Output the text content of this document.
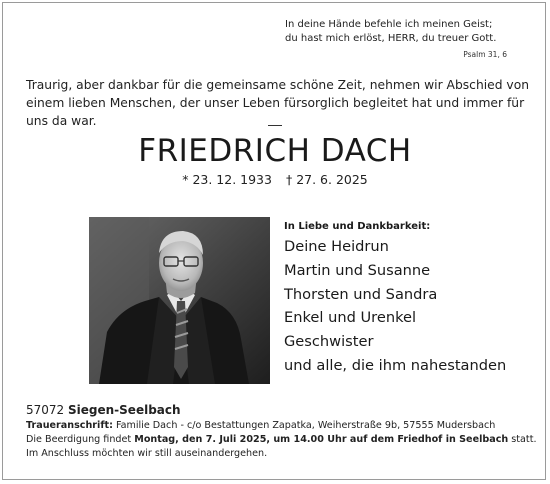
In deine Hände befehle ich meinen Geist;
du hast mich erlöst, HERR, du treuer Gott.
Psalm 31, 6
Traurig, aber dankbar für die gemeinsame schöne Zeit, nehmen wir Abschied von
einem lieben Menschen, der unser Leben fürsorglich begleitet hat und immer für
uns da war.
FRIEDRICH DACH
* 23. 12. 1933 † 27. 6. 2025
In Liebe und Dankbarkeit:
Deine Heidrun
Martin und Susanne
Thorsten und Sandra
Enkel und Urenkel
Geschwister
und alle, die ihm nahestanden
57072 Siegen-Seelbach
Traueranschrift: Familie Dach - c/o Bestattungen Zapatka, Weiherstraße 9b, 57555 Mudersbach
Die Beerdigung findet Montag, den 7. Juli 2025, um 14.00 Uhr auf dem Friedhof in Seelbach statt.
Im Anschluss möchten wir still auseinandergehen.
